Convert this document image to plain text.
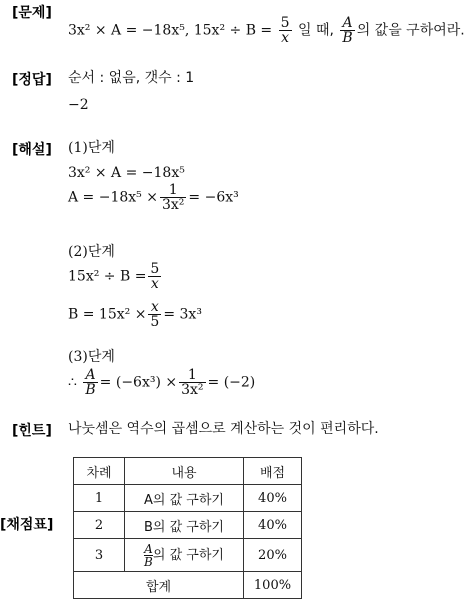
[문제]
[정답]
[해설]
[힌트]
[채점표]
3x² × A = −18x⁵, $15x^2 \div B = \frac{5}{x}$ 일 때, $\frac{A}{B}$ 의 값을 구하여라.
순서 : 없음, 갯수 : 1
−2
(1)단계
3x² × A = −18x⁵
$A = -18x^5 \times \frac{1}{\text{3x²}} = -6x^3$
(2)단계
$15x^2 \div B = \frac{5}{x}$
$B = 15x^2 \times \frac{x}{5} = 3x^3$
(3)단계
∴ $\frac{A}{B} = (-6x^3) \times \frac{1}{\text{3x²}} = (-2)$
나눗셈은 역수의 곱셈으로 계산하는 것이 편리하다.
차례	내용	배점
1	A의 값 구하기	40%
2	B의 값 구하기	40%
3	$\frac{A}{B}$ 의 값 구하기	20%
합계		100%
